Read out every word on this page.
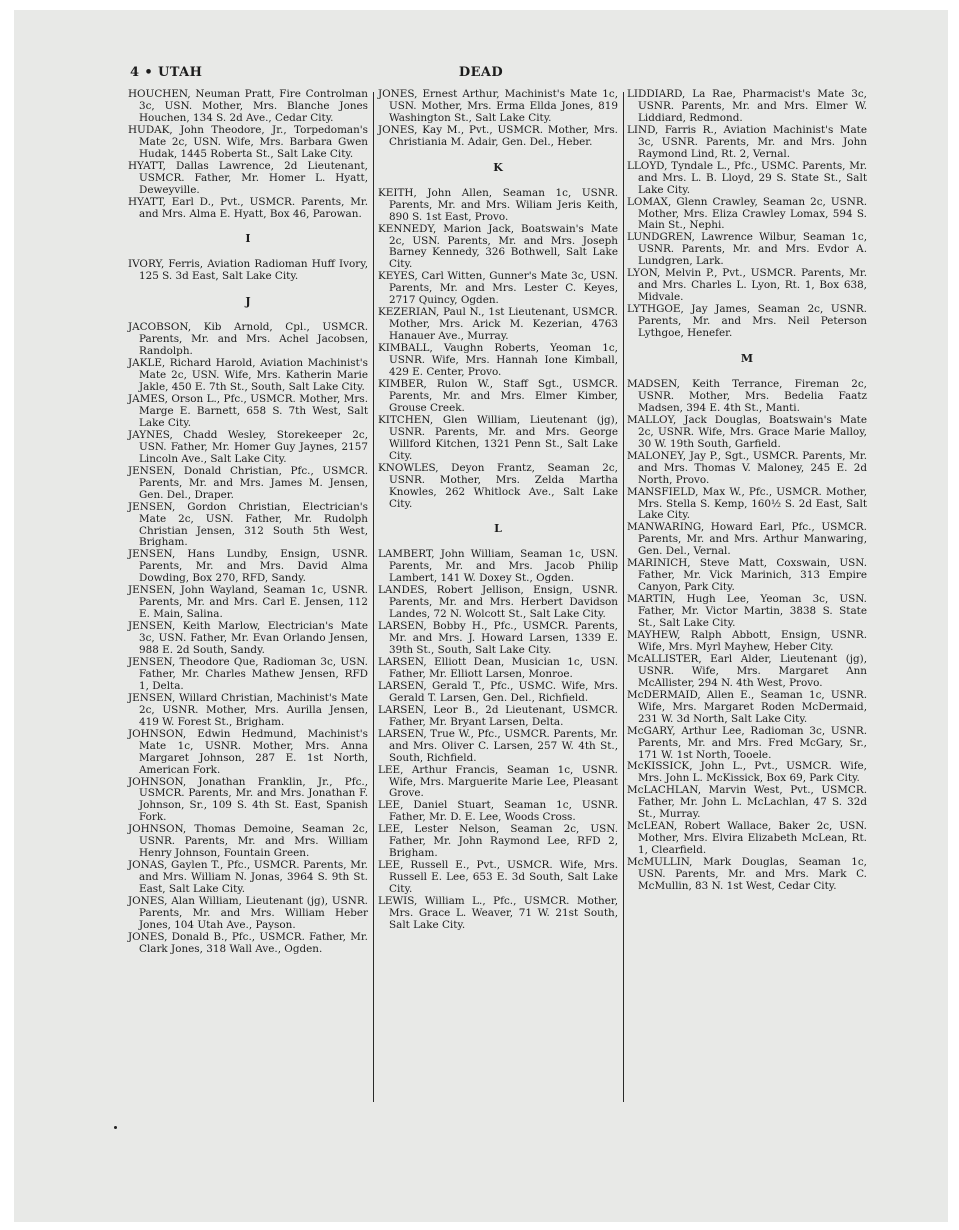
4 • UTAH	DEAD

HOUCHEN, Neuman Pratt, Fire Controlman 3c, USN. Mother, Mrs. Blanche Jones Houchen, 134 S. 2d Ave., Cedar City.

HUDAK, John Theodore, Jr., Torpedoman's Mate 2c, USN. Wife, Mrs. Barbara Gwen Hudak, 1445 Roberta St., Salt Lake City.

HYATT, Dallas Lawrence, 2d Lieutenant, USMCR. Father, Mr. Homer L. Hyatt, Deweyville.

HYATT, Earl D., Pvt., USMCR. Parents, Mr. and Mrs. Alma E. Hyatt, Box 46, Parowan.

I

IVORY, Ferris, Aviation Radioman Huff Ivory, 125 S. 3d East, Salt Lake City.

J

JACOBSON, Kib Arnold, Cpl., USMCR. Parents, Mr. and Mrs. Achel Jacobsen, Randolph.

JAKLE, Richard Harold, Aviation Machinist's Mate 2c, USN. Wife, Mrs. Katherin Marie Jakle, 450 E. 7th St., South, Salt Lake City.

JAMES, Orson L., Pfc., USMCR. Mother, Mrs. Marge E. Barnett, 658 S. 7th West, Salt Lake City.

JAYNES, Chadd Wesley, Storekeeper 2c, USN. Father, Mr. Homer Guy Jaynes, 2157 Lincoln Ave., Salt Lake City.

JENSEN, Donald Christian, Pfc., USMCR. Parents, Mr. and Mrs. James M. Jensen, Gen. Del., Draper.

JENSEN, Gordon Christian, Electrician's Mate 2c, USN. Father, Mr. Rudolph Christian Jensen, 312 South 5th West, Brigham.

JENSEN, Hans Lundby, Ensign, USNR. Parents, Mr. and Mrs. David Alma Dowding, Box 270, RFD, Sandy.

JENSEN, John Wayland, Seaman 1c, USNR. Parents, Mr. and Mrs. Carl E. Jensen, 112 E. Main, Salina.

JENSEN, Keith Marlow, Electrician's Mate 3c, USN. Father, Mr. Evan Orlando Jensen, 988 E. 2d South, Sandy.

JENSEN, Theodore Que, Radioman 3c, USN. Father, Mr. Charles Mathew Jensen, RFD 1, Delta.

JENSEN, Willard Christian, Machinist's Mate 2c, USNR. Mother, Mrs. Aurilla Jensen, 419 W. Forest St., Brigham.

JOHNSON, Edwin Hedmund, Machinist's Mate 1c, USNR. Mother, Mrs. Anna Margaret Johnson, 287 E. 1st North, American Fork.

JOHNSON, Jonathan Franklin, Jr., Pfc., USMCR. Parents, Mr. and Mrs. Jonathan F. Johnson, Sr., 109 S. 4th St. East, Spanish Fork.

JOHNSON, Thomas Demoine, Seaman 2c, USNR. Parents, Mr. and Mrs. William Henry Johnson, Fountain Green.

JONAS, Gaylen T., Pfc., USMCR. Parents, Mr. and Mrs. William N. Jonas, 3964 S. 9th St. East, Salt Lake City.

JONES, Alan William, Lieutenant (jg), USNR. Parents, Mr. and Mrs. William Heber Jones, 104 Utah Ave., Payson.

JONES, Donald B., Pfc., USMCR. Father, Mr. Clark Jones, 318 Wall Ave., Ogden.

JONES, Ernest Arthur, Machinist's Mate 1c, USN. Mother, Mrs. Erma Ellda Jones, 819 Washington St., Salt Lake City.

JONES, Kay M., Pvt., USMCR. Mother, Mrs. Christiania M. Adair, Gen. Del., Heber.

K

KEITH, John Allen, Seaman 1c, USNR. Parents, Mr. and Mrs. Wiliam Jeris Keith, 890 S. 1st East, Provo.

KENNEDY, Marion Jack, Boatswain's Mate 2c, USN. Parents, Mr. and Mrs. Joseph Barney Kennedy, 326 Bothwell, Salt Lake City.

KEYES, Carl Witten, Gunner's Mate 3c, USN. Parents, Mr. and Mrs. Lester C. Keyes, 2717 Quincy, Ogden.

KEZERIAN, Paul N., 1st Lieutenant, USMCR. Mother, Mrs. Arick M. Kezerian, 4763 Hanauer Ave., Murray.

KIMBALL, Vaughn Roberts, Yeoman 1c, USNR. Wife, Mrs. Hannah Ione Kimball, 429 E. Center, Provo.

KIMBER, Rulon W., Staff Sgt., USMCR. Parents, Mr. and Mrs. Elmer Kimber, Grouse Creek.

KITCHEN, Glen William, Lieutenant (jg), USNR. Parents, Mr. and Mrs. George Willford Kitchen, 1321 Penn St., Salt Lake City.

KNOWLES, Deyon Frantz, Seaman 2c, USNR. Mother, Mrs. Zelda Martha Knowles, 262 Whitlock Ave., Salt Lake City.

L

LAMBERT, John William, Seaman 1c, USN. Parents, Mr. and Mrs. Jacob Philip Lambert, 141 W. Doxey St., Ogden.

LANDES, Robert Jellison, Ensign, USNR. Parents, Mr. and Mrs. Herbert Davidson Landes, 72 N. Wolcott St., Salt Lake City.

LARSEN, Bobby H., Pfc., USMCR. Parents, Mr. and Mrs. J. Howard Larsen, 1339 E. 39th St., South, Salt Lake City.

LARSEN, Elliott Dean, Musician 1c, USN. Father, Mr. Elliott Larsen, Monroe.

LARSEN, Gerald T., Pfc., USMC. Wife, Mrs. Gerald T. Larsen, Gen. Del., Richfield.

LARSEN, Leor B., 2d Lieutenant, USMCR. Father, Mr. Bryant Larsen, Delta.

LARSEN, True W., Pfc., USMCR. Parents, Mr. and Mrs. Oliver C. Larsen, 257 W. 4th St., South, Richfield.

LEE, Arthur Francis, Seaman 1c, USNR. Wife, Mrs. Marguerite Marie Lee, Pleasant Grove.

LEE, Daniel Stuart, Seaman 1c, USNR. Father, Mr. D. E. Lee, Woods Cross.

LEE, Lester Nelson, Seaman 2c, USN. Father, Mr. John Raymond Lee, RFD 2, Brigham.

LEE, Russell E., Pvt., USMCR. Wife, Mrs. Russell E. Lee, 653 E. 3d South, Salt Lake City.

LEWIS, William L., Pfc., USMCR. Mother, Mrs. Grace L. Weaver, 71 W. 21st South, Salt Lake City.

LIDDIARD, La Rae, Pharmacist's Mate 3c, USNR. Parents, Mr. and Mrs. Elmer W. Liddiard, Redmond.

LIND, Farris R., Aviation Machinist's Mate 3c, USNR. Parents, Mr. and Mrs. John Raymond Lind, Rt. 2, Vernal.

LLOYD, Tyndale L., Pfc., USMC. Parents, Mr. and Mrs. L. B. Lloyd, 29 S. State St., Salt Lake City.

LOMAX, Glenn Crawley, Seaman 2c, USNR. Mother, Mrs. Eliza Crawley Lomax, 594 S. Main St., Nephi.

LUNDGREN, Lawrence Wilbur, Seaman 1c, USNR. Parents, Mr. and Mrs. Evdor A. Lundgren, Lark.

LYON, Melvin P., Pvt., USMCR. Parents, Mr. and Mrs. Charles L. Lyon, Rt. 1, Box 638, Midvale.

LYTHGOE, Jay James, Seaman 2c, USNR. Parents, Mr. and Mrs. Neil Peterson Lythgoe, Henefer.

M

MADSEN, Keith Terrance, Fireman 2c, USNR. Mother, Mrs. Bedelia Faatz Madsen, 394 E. 4th St., Manti.

MALLOY, Jack Douglas, Boatswain's Mate 2c, USNR. Wife, Mrs. Grace Marie Malloy, 30 W. 19th South, Garfield.

MALONEY, Jay P., Sgt., USMCR. Parents, Mr. and Mrs. Thomas V. Maloney, 245 E. 2d North, Provo.

MANSFIELD, Max W., Pfc., USMCR. Mother, Mrs. Stella S. Kemp, 160½ S. 2d East, Salt Lake City.

MANWARING, Howard Earl, Pfc., USMCR. Parents, Mr. and Mrs. Arthur Manwaring, Gen. Del., Vernal.

MARINICH, Steve Matt, Coxswain, USN. Father, Mr. Vick Marinich, 313 Empire Canyon, Park City.

MARTIN, Hugh Lee, Yeoman 3c, USN. Father, Mr. Victor Martin, 3838 S. State St., Salt Lake City.

MAYHEW, Ralph Abbott, Ensign, USNR. Wife, Mrs. Myrl Mayhew, Heber City.

McALLISTER, Earl Alder, Lieutenant (jg), USNR. Wife, Mrs. Margaret Ann McAllister, 294 N. 4th West, Provo.

McDERMAID, Allen E., Seaman 1c, USNR. Wife, Mrs. Margaret Roden McDermaid, 231 W. 3d North, Salt Lake City.

McGARY, Arthur Lee, Radioman 3c, USNR. Parents, Mr. and Mrs. Fred McGary, Sr., 171 W. 1st North, Tooele.

McKISSICK, John L., Pvt., USMCR. Wife, Mrs. John L. McKissick, Box 69, Park City.

McLACHLAN, Marvin West, Pvt., USMCR. Father, Mr. John L. McLachlan, 47 S. 32d St., Murray.

McLEAN, Robert Wallace, Baker 2c, USN. Mother, Mrs. Elvira Elizabeth McLean, Rt. 1, Clearfield.

McMULLIN, Mark Douglas, Seaman 1c, USN. Parents, Mr. and Mrs. Mark C. McMullin, 83 N. 1st West, Cedar City.
